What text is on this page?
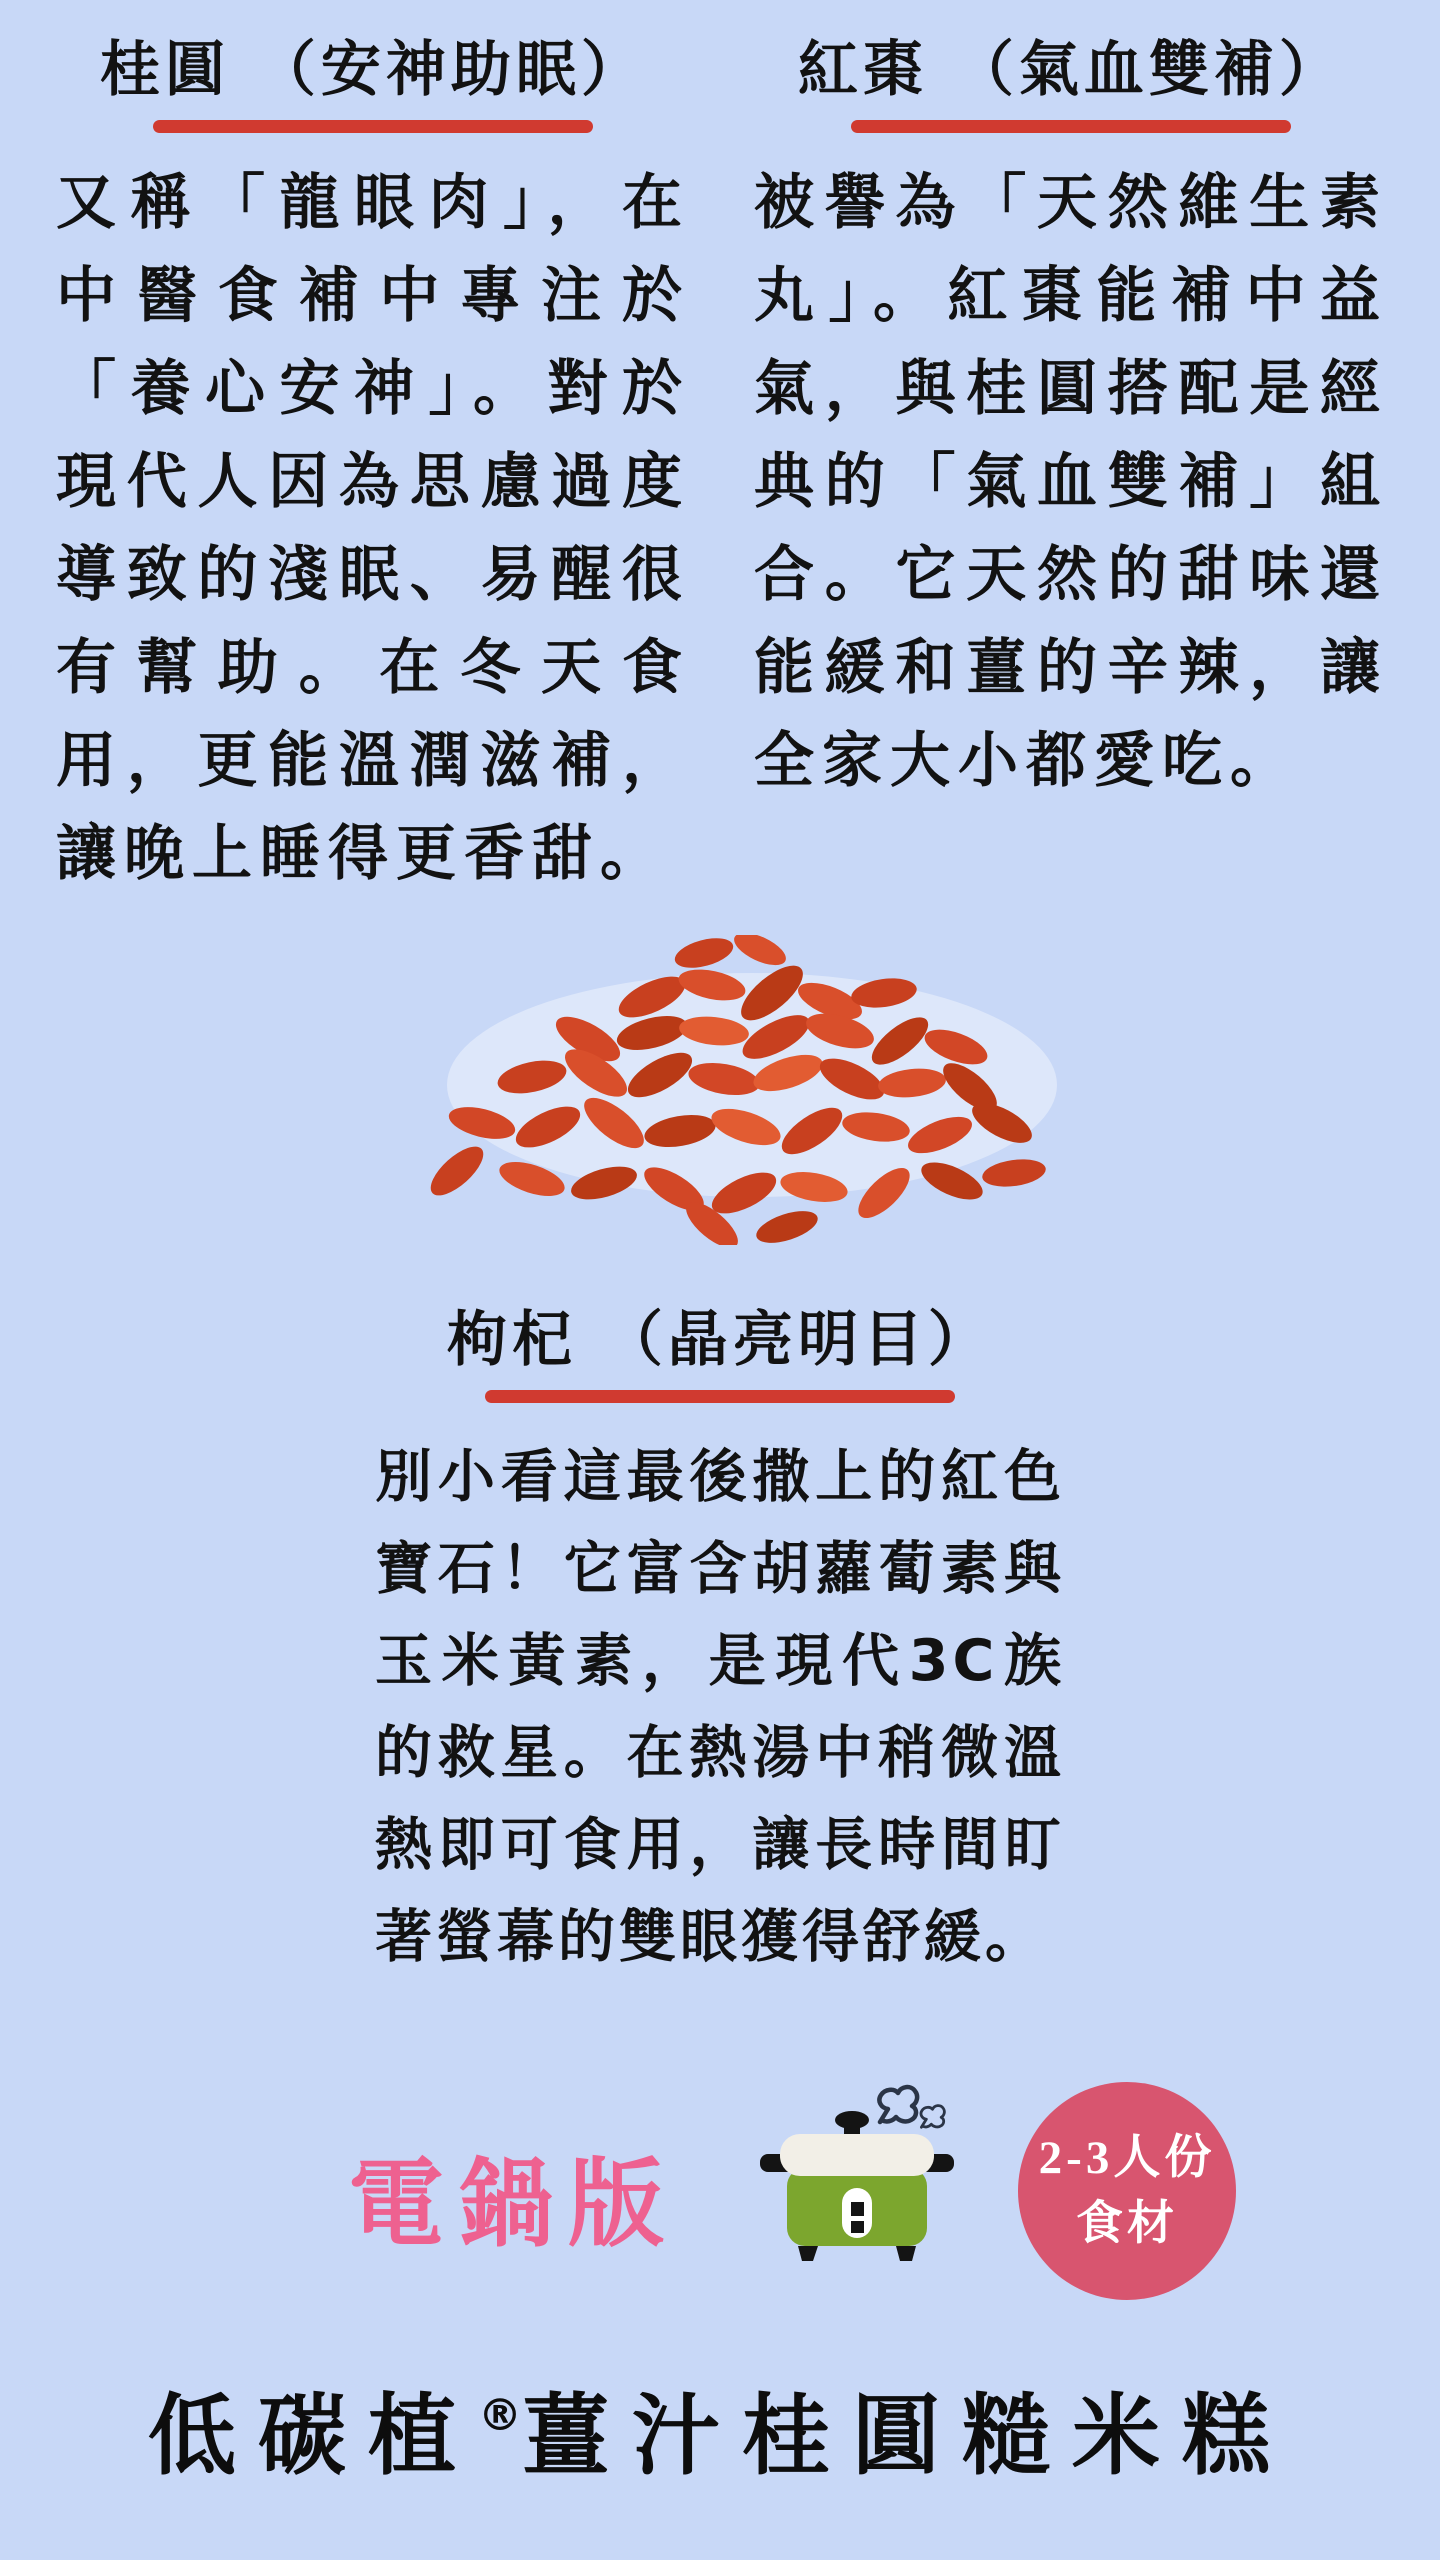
桂圓 （安神助眠）
又稱「龍眼肉」，在中醫食補中專注於「養心安神」。對於現代人因為思慮過度導致的淺眠、易醒很有幫助。在冬天食用，更能溫潤滋補，讓晚上睡得更香甜。
紅棗 （氣血雙補）
被譽為「天然維生素丸」。紅棗能補中益氣，與桂圓搭配是經典的「氣血雙補」組合。它天然的甜味還能緩和薑的辛辣，讓全家大小都愛吃。
枸杞 （晶亮明目）
別小看這最後撒上的紅色寶石！它富含胡蘿蔔素與玉米黃素，是現代3C族的救星。在熱湯中稍微溫熱即可食用，讓長時間盯著螢幕的雙眼獲得舒緩。
電鍋版	2-3人份
食材
低碳植®薑汁桂圓糙米糕
